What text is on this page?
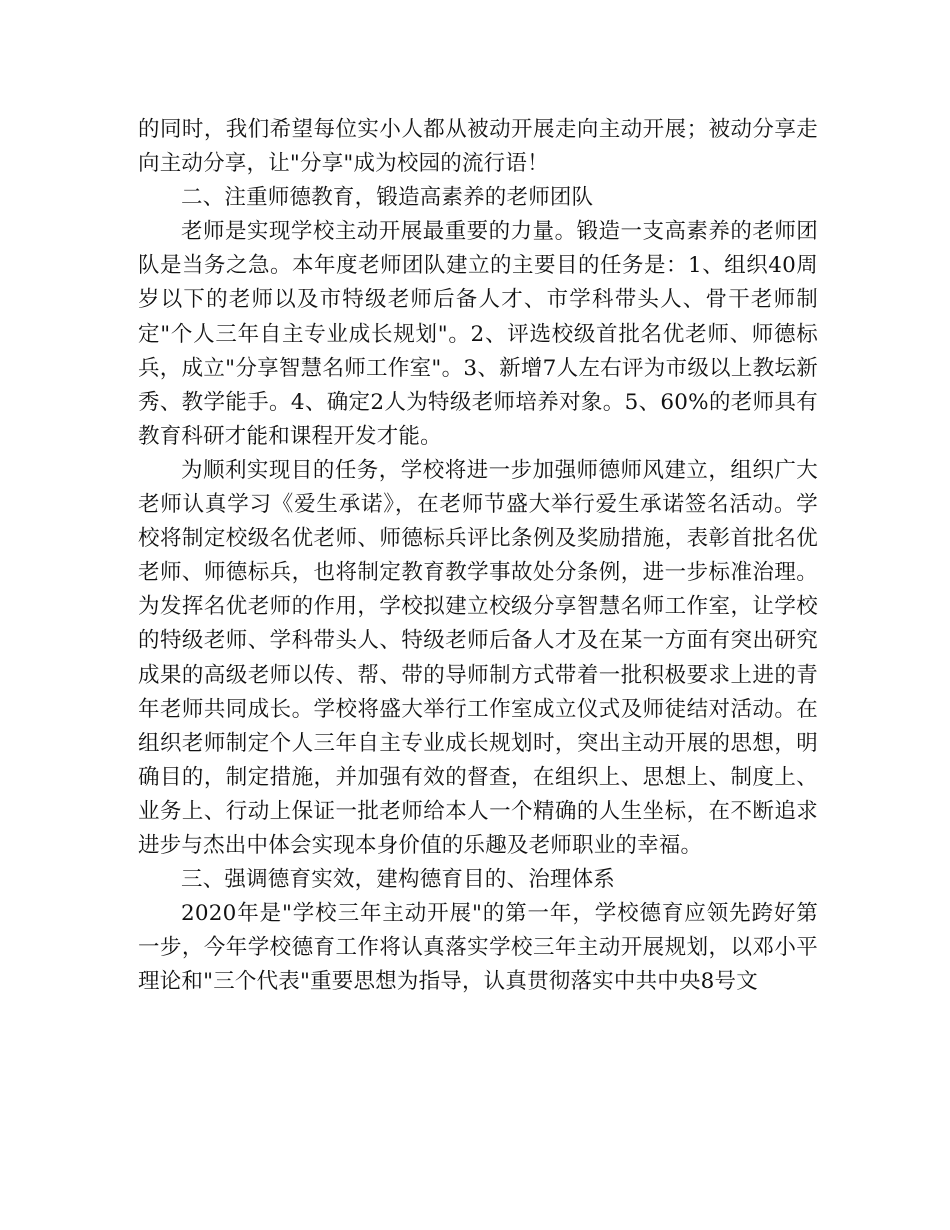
的同时，我们希望每位实小人都从被动开展走向主动开展；被动分享走向主动分享，让"分享"成为校园的流行语！

二、注重师德教育，锻造高素养的老师团队

老师是实现学校主动开展最重要的力量。锻造一支高素养的老师团队是当务之急。本年度老师团队建立的主要目的任务是：1、组织40周岁以下的老师以及市特级老师后备人才、市学科带头人、骨干老师制定"个人三年自主专业成长规划"。2、评选校级首批名优老师、师德标兵，成立"分享智慧名师工作室"。3、新增7人左右评为市级以上教坛新秀、教学能手。4、确定2人为特级老师培养对象。5、60%的老师具有教育科研才能和课程开发才能。

为顺利实现目的任务，学校将进一步加强师德师风建立，组织广大老师认真学习《爱生承诺》，在老师节盛大举行爱生承诺签名活动。学校将制定校级名优老师、师德标兵评比条例及奖励措施，表彰首批名优老师、师德标兵，也将制定教育教学事故处分条例，进一步标准治理。为发挥名优老师的作用，学校拟建立校级分享智慧名师工作室，让学校的特级老师、学科带头人、特级老师后备人才及在某一方面有突出研究成果的高级老师以传、帮、带的导师制方式带着一批积极要求上进的青年老师共同成长。学校将盛大举行工作室成立仪式及师徒结对活动。在组织老师制定个人三年自主专业成长规划时，突出主动开展的思想，明确目的，制定措施，并加强有效的督查，在组织上、思想上、制度上、业务上、行动上保证一批老师给本人一个精确的人生坐标，在不断追求进步与杰出中体会实现本身价值的乐趣及老师职业的幸福。

三、强调德育实效，建构德育目的、治理体系

2020年是"学校三年主动开展"的第一年，学校德育应领先跨好第一步，今年学校德育工作将认真落实学校三年主动开展规划，以邓小平理论和"三个代表"重要思想为指导，认真贯彻落实中共中央8号文
